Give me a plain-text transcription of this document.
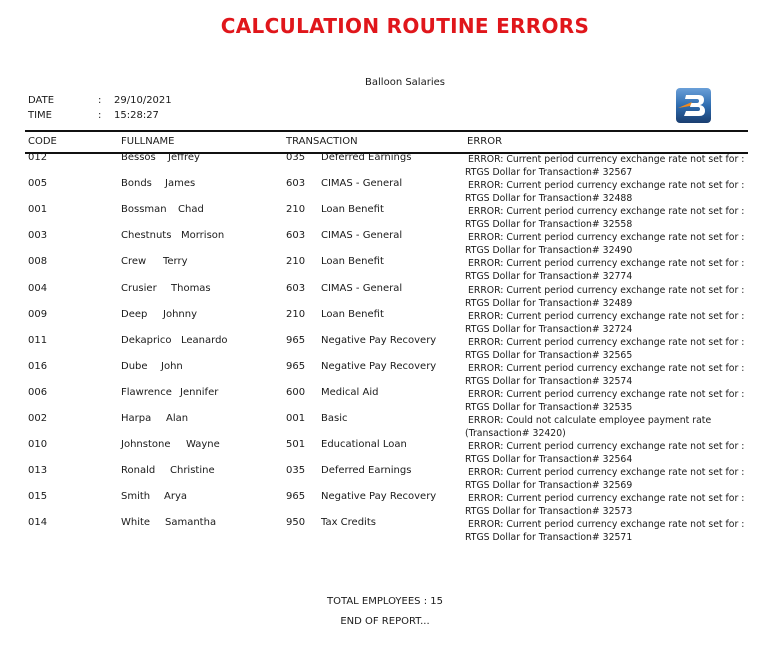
CALCULATION ROUTINE ERRORS
Balloon Salaries
DATE	: 29/10/2021
TIME	: 15:28:27
CODE	FULLNAME	TRANSACTION	ERROR
012	Bessos Jeffrey	035 Deferred Earnings	ERROR: Current period currency exchange rate not set for :
RTGS Dollar for Transaction# 32567
005	Bonds James	603 CIMAS - General	ERROR: Current period currency exchange rate not set for :
RTGS Dollar for Transaction# 32488
001	Bossman Chad	210 Loan Benefit	ERROR: Current period currency exchange rate not set for :
RTGS Dollar for Transaction# 32558
003	Chestnuts Morrison	603 CIMAS - General	ERROR: Current period currency exchange rate not set for :
RTGS Dollar for Transaction# 32490
008	Crew Terry	210 Loan Benefit	ERROR: Current period currency exchange rate not set for :
RTGS Dollar for Transaction# 32774
004	Crusier Thomas	603 CIMAS - General	ERROR: Current period currency exchange rate not set for :
RTGS Dollar for Transaction# 32489
009	Deep Johnny	210 Loan Benefit	ERROR: Current period currency exchange rate not set for :
RTGS Dollar for Transaction# 32724
011	Dekaprico Leanardo	965 Negative Pay Recovery	ERROR: Current period currency exchange rate not set for :
RTGS Dollar for Transaction# 32565
016	Dube John	965 Negative Pay Recovery	ERROR: Current period currency exchange rate not set for :
RTGS Dollar for Transaction# 32574
006	Flawrence Jennifer	600 Medical Aid	ERROR: Current period currency exchange rate not set for :
RTGS Dollar for Transaction# 32535
002	Harpa Alan	001 Basic	ERROR: Could not calculate employee payment rate
(Transaction# 32420)
010	Johnstone Wayne	501 Educational Loan	ERROR: Current period currency exchange rate not set for :
RTGS Dollar for Transaction# 32564
013	Ronald Christine	035 Deferred Earnings	ERROR: Current period currency exchange rate not set for :
RTGS Dollar for Transaction# 32569
015	Smith Arya	965 Negative Pay Recovery	ERROR: Current period currency exchange rate not set for :
RTGS Dollar for Transaction# 32573
014	White Samantha	950 Tax Credits	ERROR: Current period currency exchange rate not set for :
RTGS Dollar for Transaction# 32571
TOTAL EMPLOYEES : 15
END OF REPORT...
